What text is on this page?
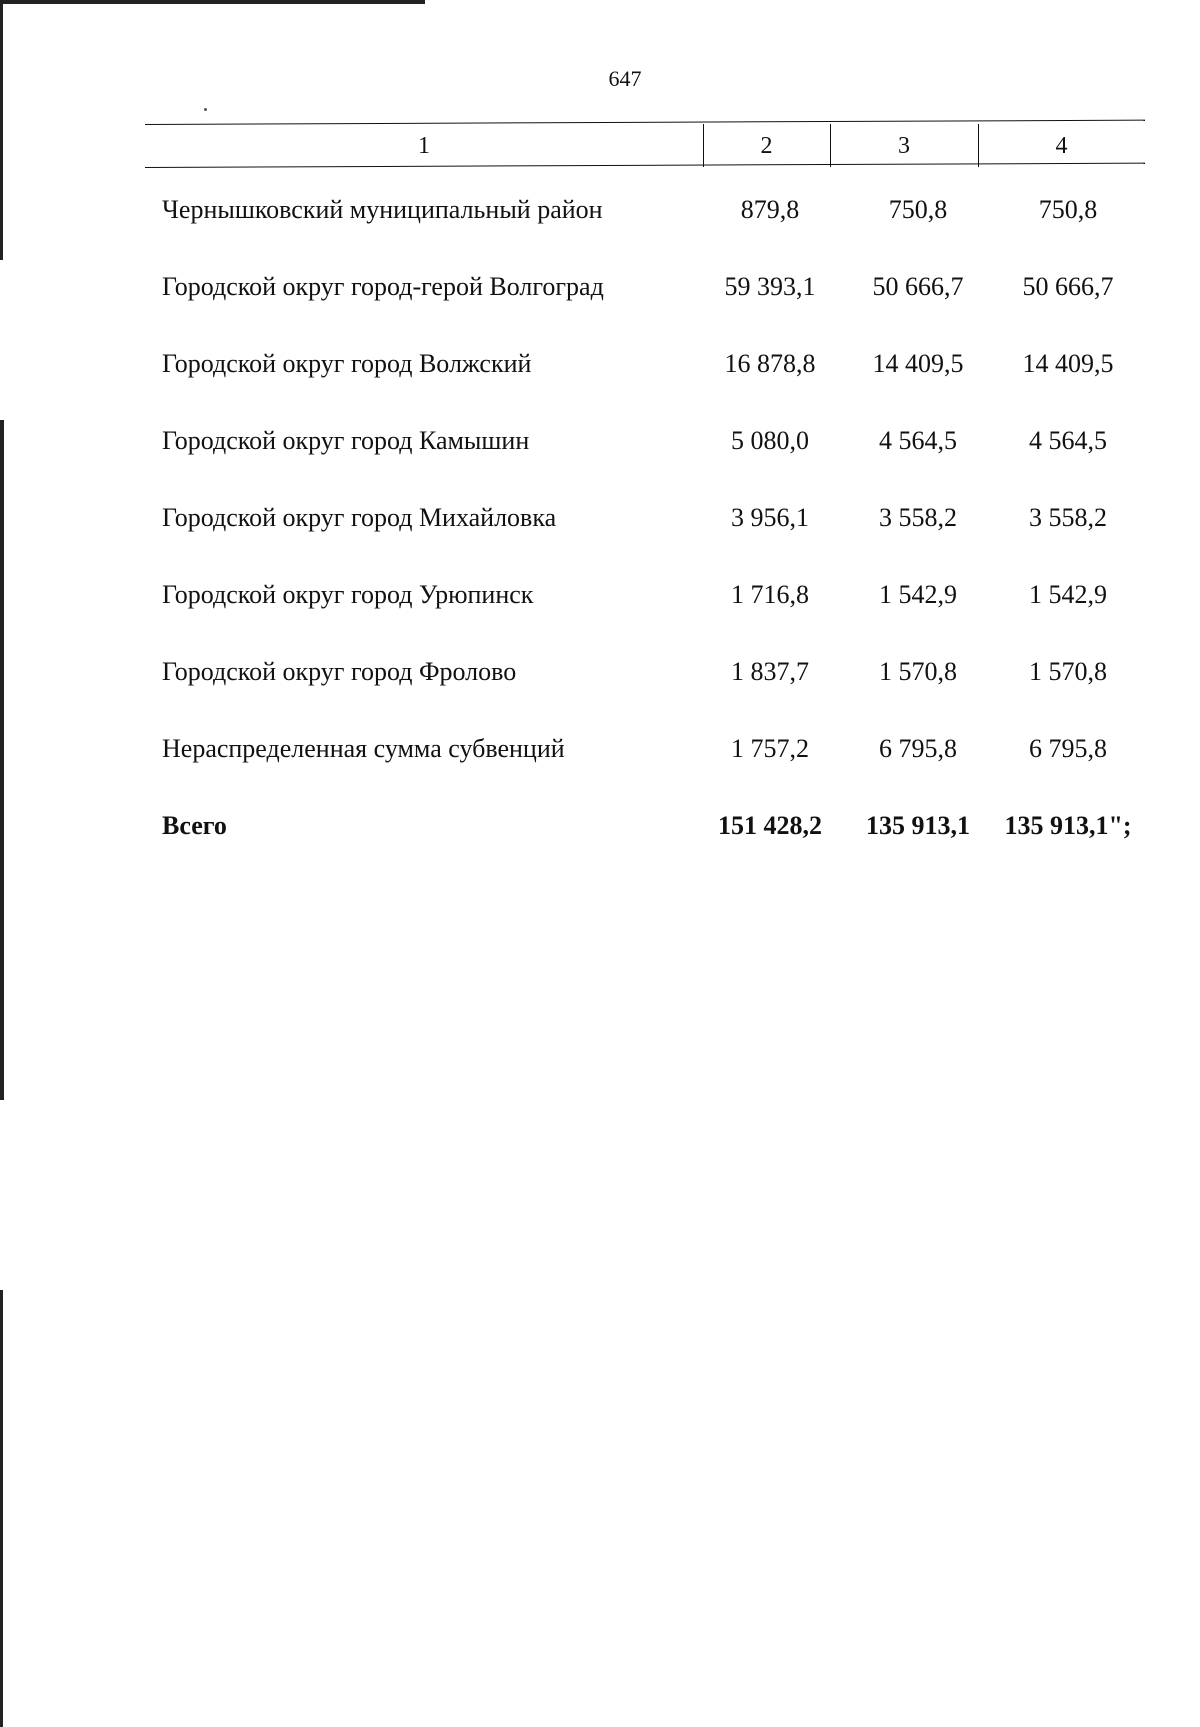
647
1	2	3	4
Чернышковский муниципальный район	879,8	750,8	750,8
Городской округ город-герой Волгоград	59 393,1	50 666,7	50 666,7
Городской округ город Волжский	16 878,8	14 409,5	14 409,5
Городской округ город Камышин	5 080,0	4 564,5	4 564,5
Городской округ город Михайловка	3 956,1	3 558,2	3 558,2
Городской округ город Урюпинск	1 716,8	1 542,9	1 542,9
Городской округ город Фролово	1 837,7	1 570,8	1 570,8
Нераспределенная сумма субвенций	1 757,2	6 795,8	6 795,8
Всего	151 428,2	135 913,1	135 913,1";
